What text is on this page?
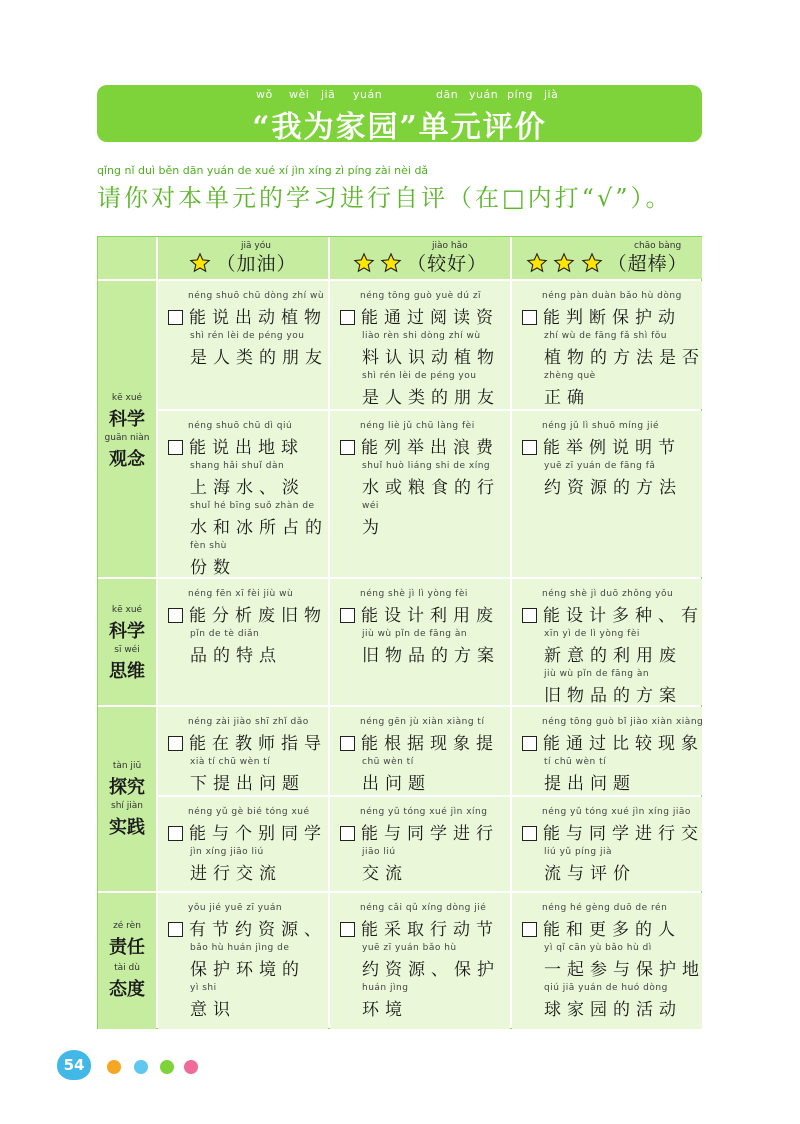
wǒ wèi jiā yuán	dān yuán píng jià
“我为家园”单元评价
qǐng nǐ duì běn dān yuán de xué xí jìn xíng zì píng zài nèi dǎ
请你对本单元的学习进行自评（在□内打“√”）。
jiā yóu
（加油）
jiào hǎo
（较好）
chāo bàng
（超棒）
kē xué
科学
guān niàn
观念
kē xué
科学
sī wéi
思维
tàn jiū
探究
shí jiàn
实践
zé rèn
责任
tài dù
态度
néng shuō chū dòng zhí wù
能说出动植物
shì rén lèi de péng you
是人类的朋友
néng tōng guò yuè dú zī
能通过阅读资
liào rèn shi dòng zhí wù
料认识动植物
shì rén lèi de péng you
是人类的朋友
néng pàn duàn bǎo hù dòng
能判断保护动
zhí wù de fāng fǎ shì fǒu
植物的方法是否
zhèng què
正确
néng shuō chū dì qiú
能说出地球
shang hǎi shuǐ dàn
上海水、淡
shuǐ hé bīng suǒ zhàn de
水和冰所占的
fèn shù
份数
néng liè jǔ chū làng fèi
能列举出浪费
shuǐ huò liáng shi de xíng
水或粮食的行
wéi
为
néng jǔ lì shuō míng jié
能举例说明节
yuē zī yuán de fāng fǎ
约资源的方法
néng fēn xī fèi jiù wù
能分析废旧物
pǐn de tè diǎn
品的特点
néng shè jì lì yòng fèi
能设计利用废
jiù wù pǐn de fāng àn
旧物品的方案
néng shè jì duō zhǒng yǒu
能设计多种、有
xīn yì de lì yòng fèi
新意的利用废
jiù wù pǐn de fāng àn
旧物品的方案
néng zài jiào shī zhǐ dǎo
能在教师指导
xià tí chū wèn tí
下提出问题
néng gēn jù xiàn xiàng tí
能根据现象提
chū wèn tí
出问题
néng tōng guò bǐ jiào xiàn xiàng
能通过比较现象
tí chū wèn tí
提出问题
néng yǔ gè bié tóng xué
能与个别同学
jìn xíng jiāo liú
进行交流
néng yǔ tóng xué jìn xíng
能与同学进行
jiāo liú
交流
néng yǔ tóng xué jìn xíng jiāo
能与同学进行交
liú yǔ píng jià
流与评价
yǒu jié yuē zī yuán
有节约资源、
bǎo hù huán jìng de
保护环境的
yì shi
意识
néng cǎi qǔ xíng dòng jié
能采取行动节
yuē zī yuán bǎo hù
约资源、保护
huán jìng
环境
néng hé gèng duō de rén
能和更多的人
yì qǐ cān yù bǎo hù dì
一起参与保护地
qiú jiā yuán de huó dòng
球家园的活动
54
